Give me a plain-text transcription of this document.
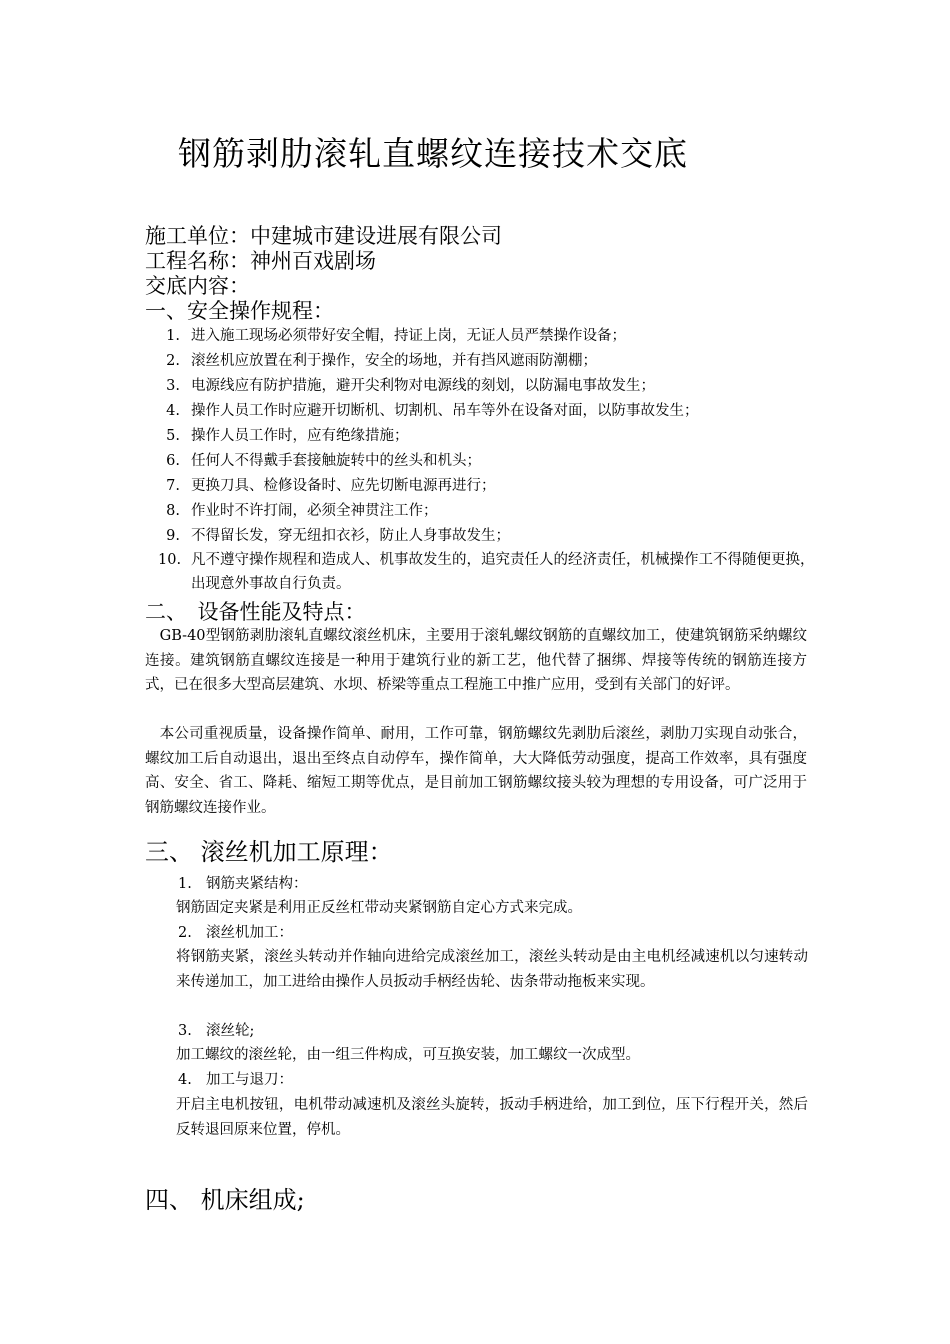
钢筋剥肋滚轧直螺纹连接技术交底
施工单位：中建城市建设进展有限公司
工程名称：神州百戏剧场
交底内容：
一、安全操作规程：
1. 进入施工现场必须带好安全帽，持证上岗，无证人员严禁操作设备；
2. 滚丝机应放置在利于操作，安全的场地，并有挡风遮雨防潮棚；
3. 电源线应有防护措施，避开尖利物对电源线的刻划，以防漏电事故发生；
4. 操作人员工作时应避开切断机、切割机、吊车等外在设备对面，以防事故发生；
5. 操作人员工作时，应有绝缘措施；
6. 任何人不得戴手套接触旋转中的丝头和机头；
7. 更换刀具、检修设备时、应先切断电源再进行；
8. 作业时不许打闹，必须全神贯注工作；
9. 不得留长发，穿无纽扣衣衫，防止人身事故发生；
10. 凡不遵守操作规程和造成人、机事故发生的，追究责任人的经济责任，机械操作工不得随便更换，出现意外事故自行负责。
二、　设备性能及特点：
　GB-40型钢筋剥肋滚轧直螺纹滚丝机床，主要用于滚轧螺纹钢筋的直螺纹加工，使建筑钢筋采纳螺纹连接。建筑钢筋直螺纹连接是一种用于建筑行业的新工艺，他代替了捆绑、焊接等传统的钢筋连接方式，已在很多大型高层建筑、水坝、桥梁等重点工程施工中推广应用，受到有关部门的好评。
　本公司重视质量，设备操作简单、耐用，工作可靠，钢筋螺纹先剥肋后滚丝，剥肋刀实现自动张合，螺纹加工后自动退出，退出至终点自动停车，操作简单，大大降低劳动强度，提高工作效率，具有强度高、安全、省工、降耗、缩短工期等优点，是目前加工钢筋螺纹接头较为理想的专用设备，可广泛用于钢筋螺纹连接作业。
三、 滚丝机加工原理：
1. 钢筋夹紧结构：
钢筋固定夹紧是利用正反丝杠带动夹紧钢筋自定心方式来完成。
2. 滚丝机加工：
将钢筋夹紧，滚丝头转动并作轴向进给完成滚丝加工，滚丝头转动是由主电机经减速机以匀速转动来传递加工，加工进给由操作人员扳动手柄经齿轮、齿条带动拖板来实现。
3. 滚丝轮;
加工螺纹的滚丝轮，由一组三件构成，可互换安装，加工螺纹一次成型。
4. 加工与退刀：
开启主电机按钮，电机带动减速机及滚丝头旋转，扳动手柄进给，加工到位，压下行程开关，然后反转退回原来位置，停机。
四、 机床组成;
